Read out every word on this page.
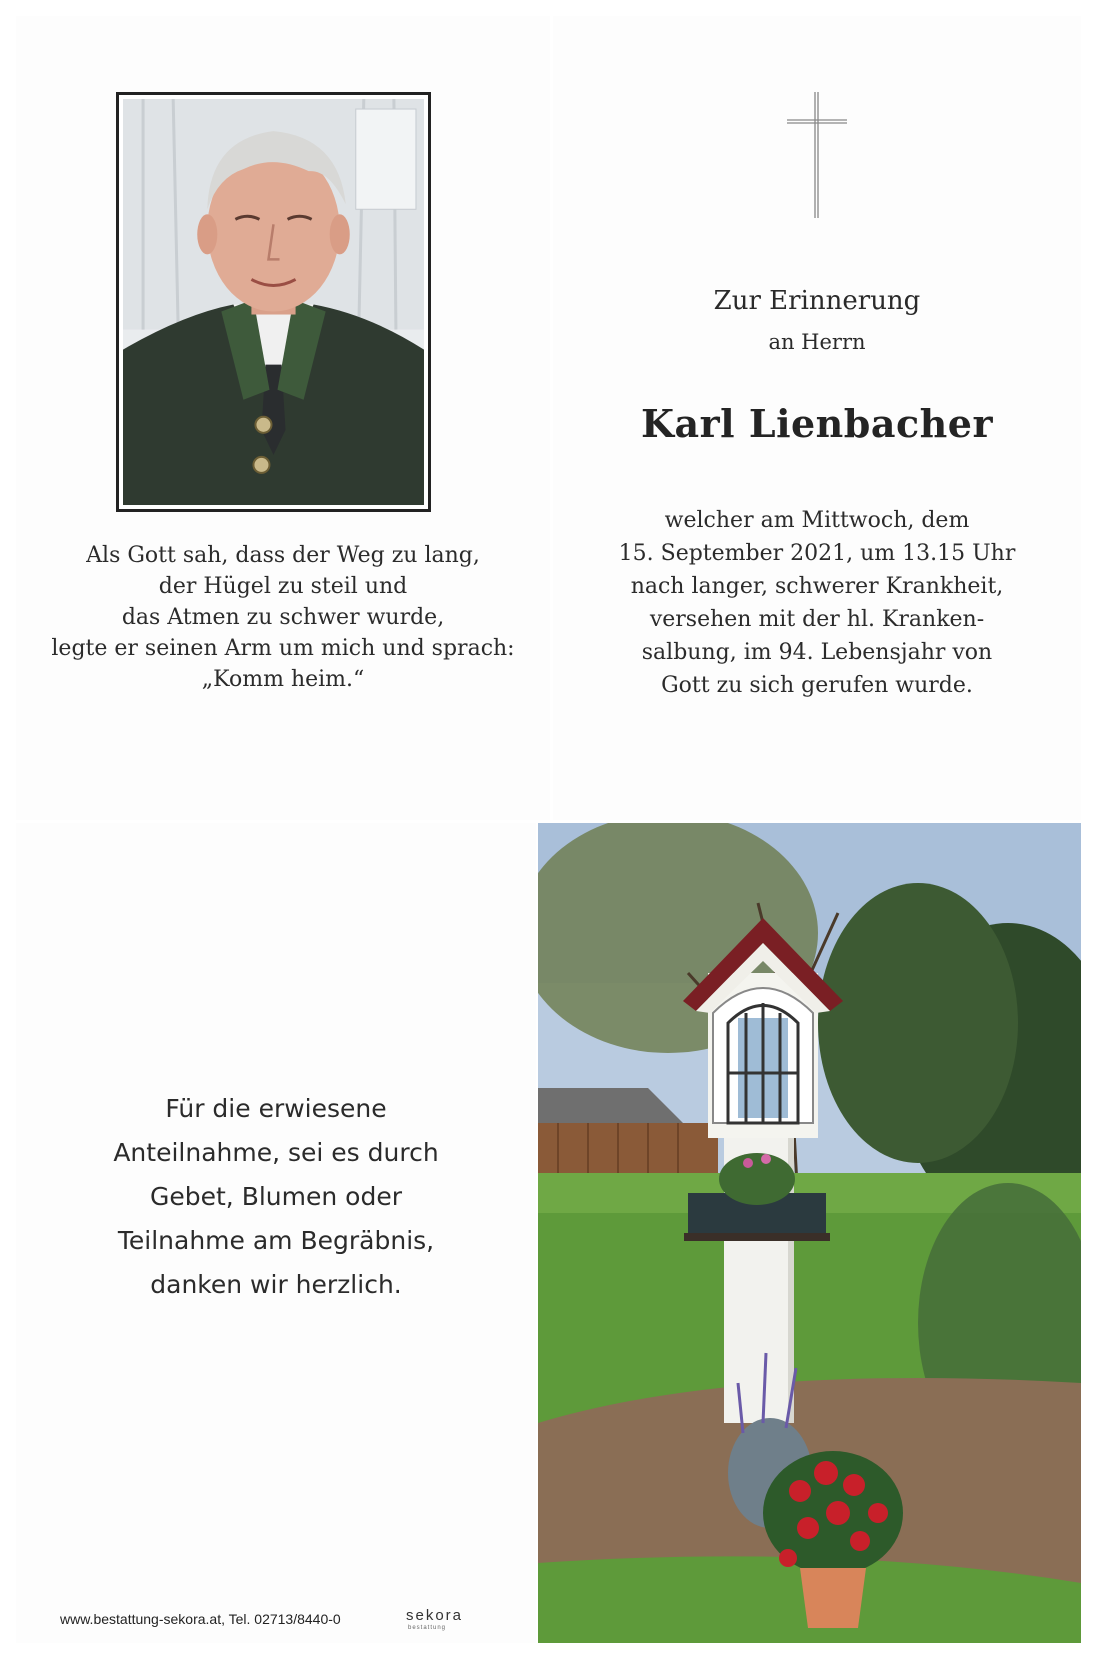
Als Gott sah, dass der Weg zu lang,
der Hügel zu steil und
das Atmen zu schwer wurde,
legte er seinen Arm um mich und sprach:
„Komm heim.“
Zur Erinnerung
an Herrn
Karl Lienbacher
welcher am Mittwoch, dem
15. September 2021, um 13.15 Uhr
nach langer, schwerer Krankheit,
versehen mit der hl. Kranken-
salbung, im 94. Lebensjahr von
Gott zu sich gerufen wurde.
Für die erwiesene
Anteilnahme, sei es durch
Gebet, Blumen oder
Teilnahme am Begräbnis,
danken wir herzlich.
www.bestattung-sekora.at, Tel. 02713/8440-0	sekora
bestattung
